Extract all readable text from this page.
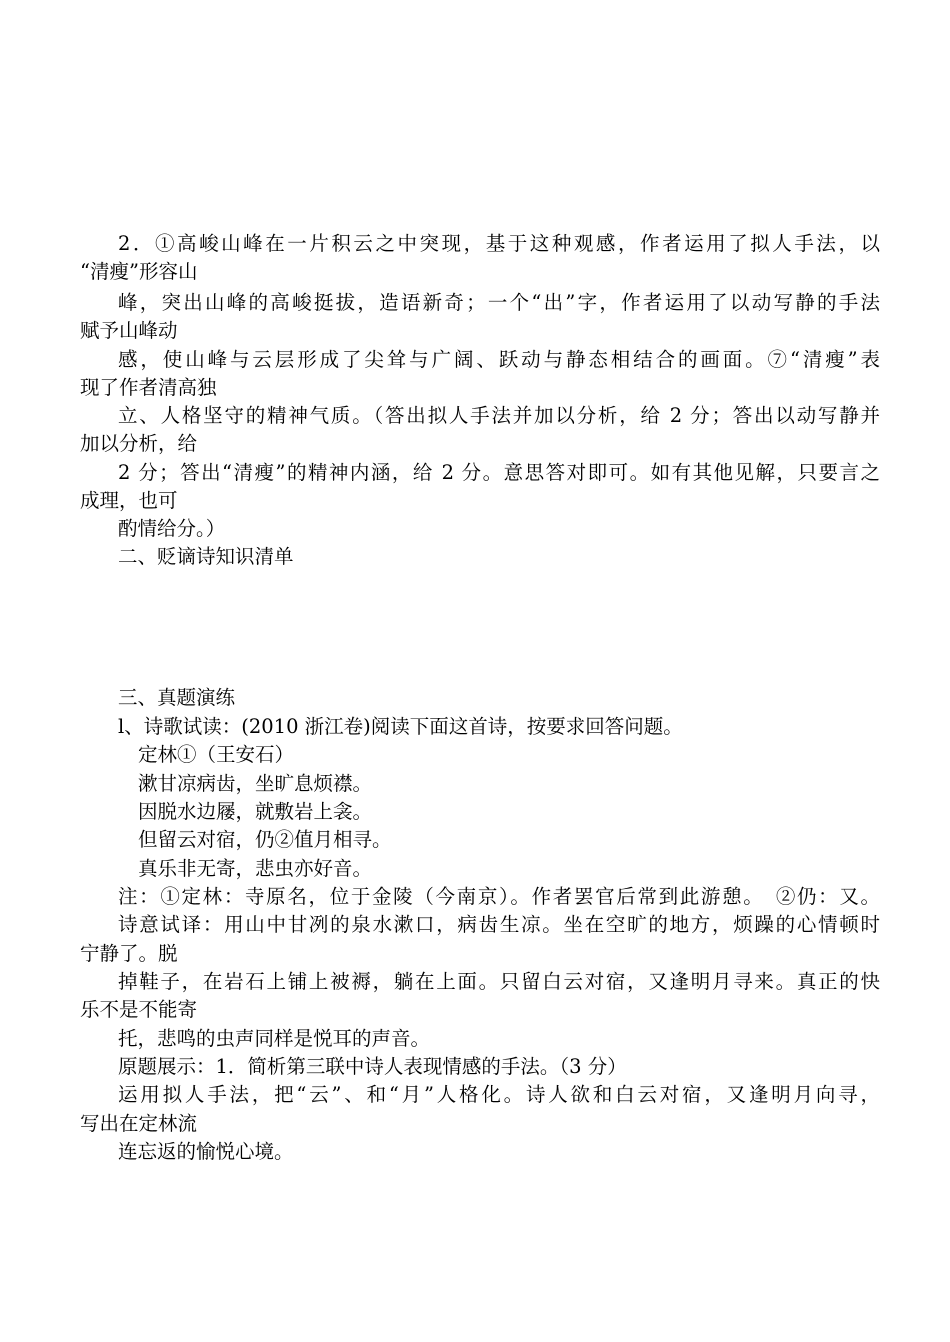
2．①高峻山峰在一片积云之中突现，基于这种观感，作者运用了拟人手法，以
“清瘦”形容山
峰，突出山峰的高峻挺拔，造语新奇；一个“出”字，作者运用了以动写静的手法
赋予山峰动
感，使山峰与云层形成了尖耸与广阔、跃动与静态相结合的画面。⑦“清瘦”表
现了作者清高独
立、人格坚守的精神气质。（答出拟人手法并加以分析，给 2 分；答出以动写静并
加以分析，给
2 分；答出“清瘦”的精神内涵，给 2 分。意思答对即可。如有其他见解，只要言之
成理，也可
酌情给分。）
二、贬谪诗知识清单
三、真题演练
l、诗歌试读：(2010 浙江卷)阅读下面这首诗，按要求回答问题。
定林①（王安石）
漱甘凉病齿，坐旷息烦襟。
因脱水边屦，就敷岩上衾。
但留云对宿，仍②值月相寻。
真乐非无寄，悲虫亦好音。
注：①定林：寺原名，位于金陵（今南京）。作者罢官后常到此游憩。　②仍：又。
诗意试译：用山中甘冽的泉水漱口，病齿生凉。坐在空旷的地方，烦躁的心情顿时
宁静了。脱
掉鞋子，在岩石上铺上被褥，躺在上面。只留白云对宿，又逢明月寻来。真正的快
乐不是不能寄
托，悲鸣的虫声同样是悦耳的声音。
原题展示：1．简析第三联中诗人表现情感的手法。（3 分）
运用拟人手法，把“云”、和“月”人格化。诗人欲和白云对宿，又逢明月向寻，
写出在定林流
连忘返的愉悦心境。
